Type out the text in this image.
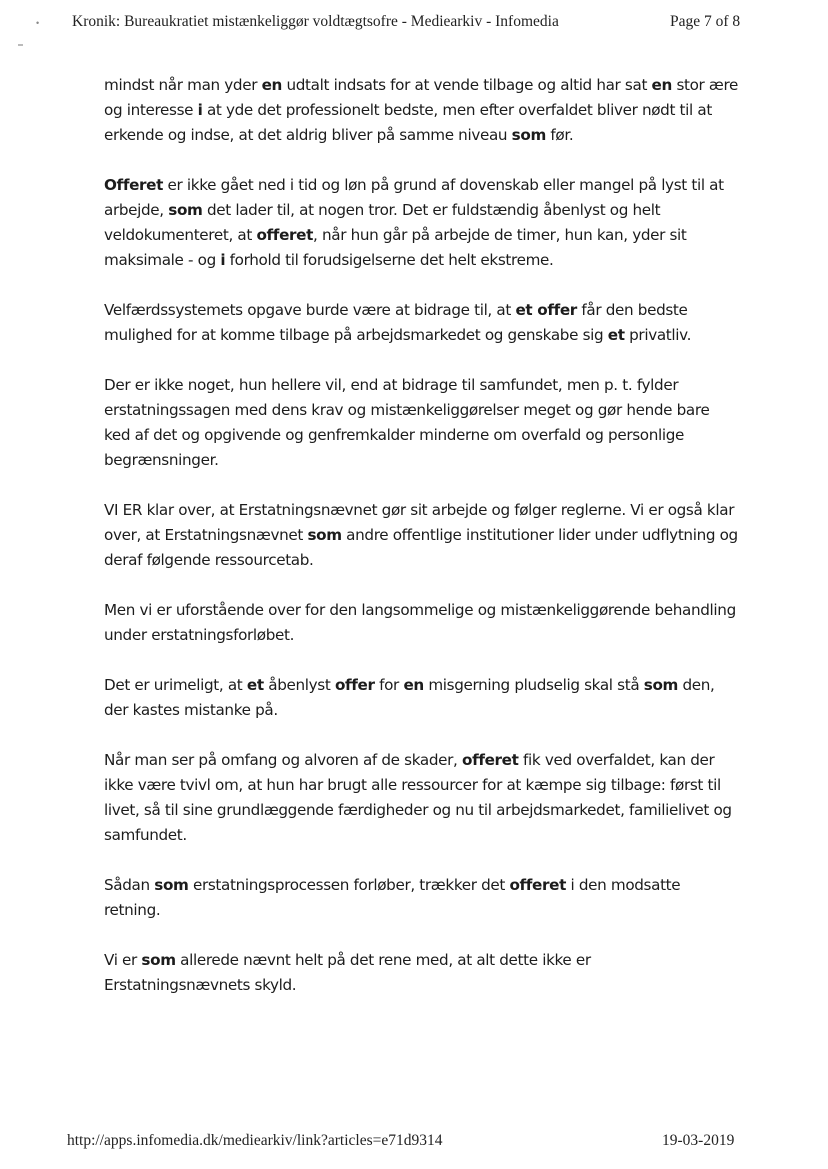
• Kronik: Bureaukratiet mistænkeliggør voldtægtsofre - Mediearkiv - Infomedia	Page 7 of 8

mindst når man yder en udtalt indsats for at vende tilbage og altid har sat en stor ære og interesse i at yde det professionelt bedste, men efter overfaldet bliver nødt til at erkende og indse, at det aldrig bliver på samme niveau som før.

Offeret er ikke gået ned i tid og løn på grund af dovenskab eller mangel på lyst til at arbejde, som det lader til, at nogen tror. Det er fuldstændig åbenlyst og helt veldokumenteret, at offeret, når hun går på arbejde de timer, hun kan, yder sit maksimale - og i forhold til forudsigelserne det helt ekstreme.

Velfærdssystemets opgave burde være at bidrage til, at et offer får den bedste mulighed for at komme tilbage på arbejdsmarkedet og genskabe sig et privatliv.

Der er ikke noget, hun hellere vil, end at bidrage til samfundet, men p. t. fylder erstatningssagen med dens krav og mistænkeliggørelser meget og gør hende bare ked af det og opgivende og genfremkalder minderne om overfald og personlige begrænsninger.

VI ER klar over, at Erstatningsnævnet gør sit arbejde og følger reglerne. Vi er også klar over, at Erstatningsnævnet som andre offentlige institutioner lider under udflytning og deraf følgende ressourcetab.

Men vi er uforstående over for den langsommelige og mistænkeliggørende behandling under erstatningsforløbet.

Det er urimeligt, at et åbenlyst offer for en misgerning pludselig skal stå som den, der kastes mistanke på.

Når man ser på omfang og alvoren af de skader, offeret fik ved overfaldet, kan der ikke være tvivl om, at hun har brugt alle ressourcer for at kæmpe sig tilbage: først til livet, så til sine grundlæggende færdigheder og nu til arbejdsmarkedet, familielivet og samfundet.

Sådan som erstatningsprocessen forløber, trækker det offeret i den modsatte retning.

Vi er som allerede nævnt helt på det rene med, at alt dette ikke er Erstatningsnævnets skyld.

http://apps.infomedia.dk/mediearkiv/link?articles=e71d9314	19-03-2019
